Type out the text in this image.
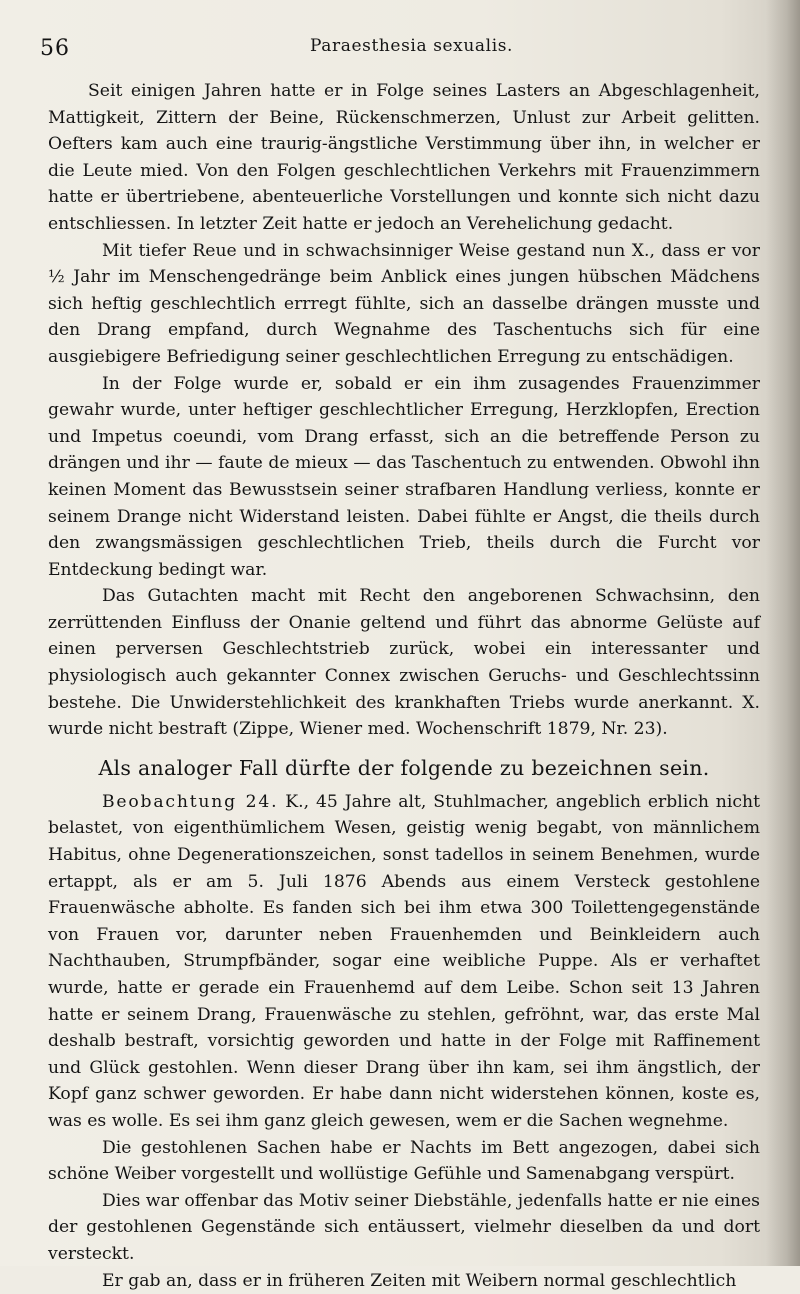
56	Paraesthesia sexualis.

Seit einigen Jahren hatte er in Folge seines Lasters an Abgeschlagenheit, Mattigkeit, Zittern der Beine, Rückenschmerzen, Unlust zur Arbeit gelitten. Oefters kam auch eine traurig-ängstliche Verstimmung über ihn, in welcher er die Leute mied. Von den Folgen geschlechtlichen Verkehrs mit Frauenzimmern hatte er übertriebene, abenteuerliche Vorstellungen und konnte sich nicht dazu entschliessen. In letzter Zeit hatte er jedoch an Verehelichung gedacht.

Mit tiefer Reue und in schwachsinniger Weise gestand nun X., dass er vor ½ Jahr im Menschengedränge beim Anblick eines jungen hübschen Mädchens sich heftig geschlechtlich errregt fühlte, sich an dasselbe drängen musste und den Drang empfand, durch Wegnahme des Taschentuchs sich für eine ausgiebigere Befriedigung seiner geschlechtlichen Erregung zu entschädigen.

In der Folge wurde er, sobald er ein ihm zusagendes Frauenzimmer gewahr wurde, unter heftiger geschlechtlicher Erregung, Herzklopfen, Erection und Impetus coeundi, vom Drang erfasst, sich an die betreffende Person zu drängen und ihr — faute de mieux — das Taschentuch zu entwenden. Obwohl ihn keinen Moment das Bewusstsein seiner strafbaren Handlung verliess, konnte er seinem Drange nicht Widerstand leisten. Dabei fühlte er Angst, die theils durch den zwangsmässigen geschlechtlichen Trieb, theils durch die Furcht vor Entdeckung bedingt war.

Das Gutachten macht mit Recht den angeborenen Schwachsinn, den zerrüttenden Einfluss der Onanie geltend und führt das abnorme Gelüste auf einen perversen Geschlechtstrieb zurück, wobei ein interessanter und physiologisch auch gekannter Connex zwischen Geruchs- und Geschlechtssinn bestehe. Die Unwiderstehlichkeit des krankhaften Triebs wurde anerkannt. X. wurde nicht bestraft (Zippe, Wiener med. Wochenschrift 1879, Nr. 23).

Als analoger Fall dürfte der folgende zu bezeichnen sein.

Beobachtung 24. K., 45 Jahre alt, Stuhlmacher, angeblich erblich nicht belastet, von eigenthümlichem Wesen, geistig wenig begabt, von männlichem Habitus, ohne Degenerationszeichen, sonst tadellos in seinem Benehmen, wurde ertappt, als er am 5. Juli 1876 Abends aus einem Versteck gestohlene Frauenwäsche abholte. Es fanden sich bei ihm etwa 300 Toilettengegenstände von Frauen vor, darunter neben Frauenhemden und Beinkleidern auch Nachthauben, Strumpfbänder, sogar eine weibliche Puppe. Als er verhaftet wurde, hatte er gerade ein Frauenhemd auf dem Leibe. Schon seit 13 Jahren hatte er seinem Drang, Frauenwäsche zu stehlen, gefröhnt, war, das erste Mal deshalb bestraft, vorsichtig geworden und hatte in der Folge mit Raffinement und Glück gestohlen. Wenn dieser Drang über ihn kam, sei ihm ängstlich, der Kopf ganz schwer geworden. Er habe dann nicht widerstehen können, koste es, was es wolle. Es sei ihm ganz gleich gewesen, wem er die Sachen wegnehme.

Die gestohlenen Sachen habe er Nachts im Bett angezogen, dabei sich schöne Weiber vorgestellt und wollüstige Gefühle und Samenabgang verspürt.

Dies war offenbar das Motiv seiner Diebstähle, jedenfalls hatte er nie eines der gestohlenen Gegenstände sich entäussert, vielmehr dieselben da und dort versteckt.

Er gab an, dass er in früheren Zeiten mit Weibern normal geschlechtlich
